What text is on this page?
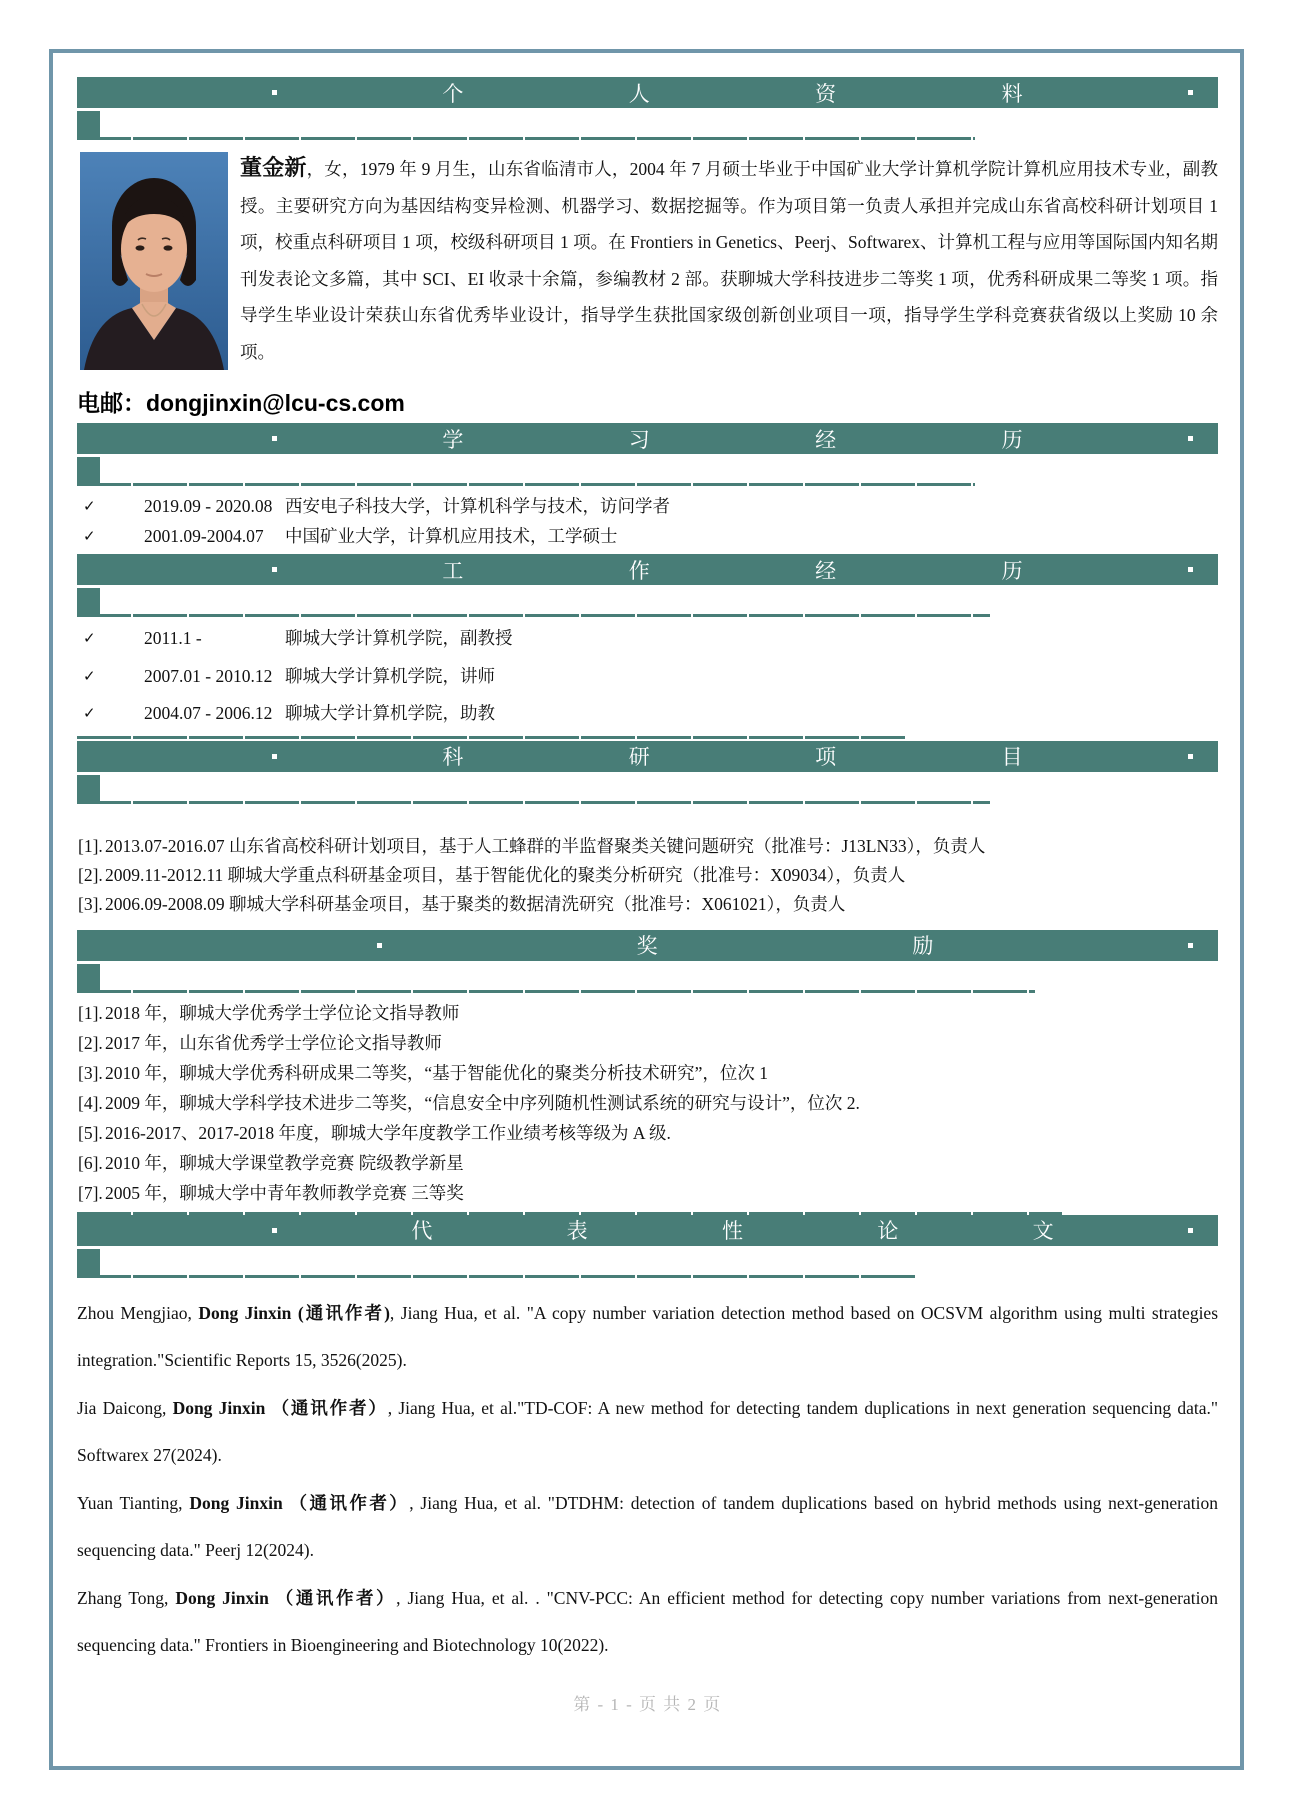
个	人	资	料
董金新，女，1979 年 9 月生，山东省临清市人，2004 年 7 月硕士毕业于中国矿业大学计算机学院计算机应用技术专业，副教授。主要研究方向为基因结构变异检测、机器学习、数据挖掘等。作为项目第一负责人承担并完成山东省高校科研计划项目 1 项，校重点科研项目 1 项，校级科研项目 1 项。在 Frontiers in Genetics、Peerj、Softwarex、计算机工程与应用等国际国内知名期刊发表论文多篇，其中 SCI、EI 收录十余篇，参编教材 2 部。获聊城大学科技进步二等奖 1 项，优秀科研成果二等奖 1 项。指导学生毕业设计荣获山东省优秀毕业设计，指导学生获批国家级创新创业项目一项，指导学生学科竞赛获省级以上奖励 10 余项。
电邮：dongjinxin@lcu-cs.com
学	习	经	历
✓	2019.09 - 2020.08 西安电子科技大学，计算机科学与技术，访问学者
✓	2001.09-2004.07	中国矿业大学，计算机应用技术，工学硕士
工	作	经	历
✓	2011.1 -	聊城大学计算机学院，副教授
✓	2007.01 - 2010.12 聊城大学计算机学院，讲师
✓	2004.07 - 2006.12 聊城大学计算机学院，助教
科	研	项	目
[1]. 2013.07-2016.07 山东省高校科研计划项目，基于人工蜂群的半监督聚类关键问题研究（批准号：J13LN33），负责人
[2]. 2009.11-2012.11 聊城大学重点科研基金项目，基于智能优化的聚类分析研究（批准号：X09034），负责人
[3]. 2006.09-2008.09 聊城大学科研基金项目，基于聚类的数据清洗研究（批准号：X061021），负责人
奖	励
[1]. 2018 年，聊城大学优秀学士学位论文指导教师
[2]. 2017 年，山东省优秀学士学位论文指导教师
[3]. 2010 年，聊城大学优秀科研成果二等奖，“基于智能优化的聚类分析技术研究”，位次 1
[4]. 2009 年，聊城大学科学技术进步二等奖，“信息安全中序列随机性测试系统的研究与设计”，位次 2.
[5]. 2016-2017、2017-2018 年度，聊城大学年度教学工作业绩考核等级为 A 级.
[6]. 2010 年，聊城大学课堂教学竞赛 院级教学新星
[7]. 2005 年，聊城大学中青年教师教学竞赛 三等奖
代	表	性	论	文

Zhou Mengjiao, Dong Jinxin (通讯作者), Jiang Hua, et al. "A copy number variation detection method based on OCSVM algorithm using multi strategies integration."Scientific Reports 15, 3526(2025).

Jia Daicong, Dong Jinxin （通讯作者）, Jiang Hua, et al."TD-COF: A new method for detecting tandem duplications in next generation sequencing data." Softwarex 27(2024).

Yuan Tianting, Dong Jinxin （通讯作者）, Jiang Hua, et al. "DTDHM: detection of tandem duplications based on hybrid methods using next-generation sequencing data." Peerj 12(2024).

Zhang Tong, Dong Jinxin （通讯作者）, Jiang Hua, et al. . "CNV-PCC: An efficient method for detecting copy number variations from next-generation sequencing data." Frontiers in Bioengineering and Biotechnology 10(2022).

第 - 1 - 页 共 2 页
